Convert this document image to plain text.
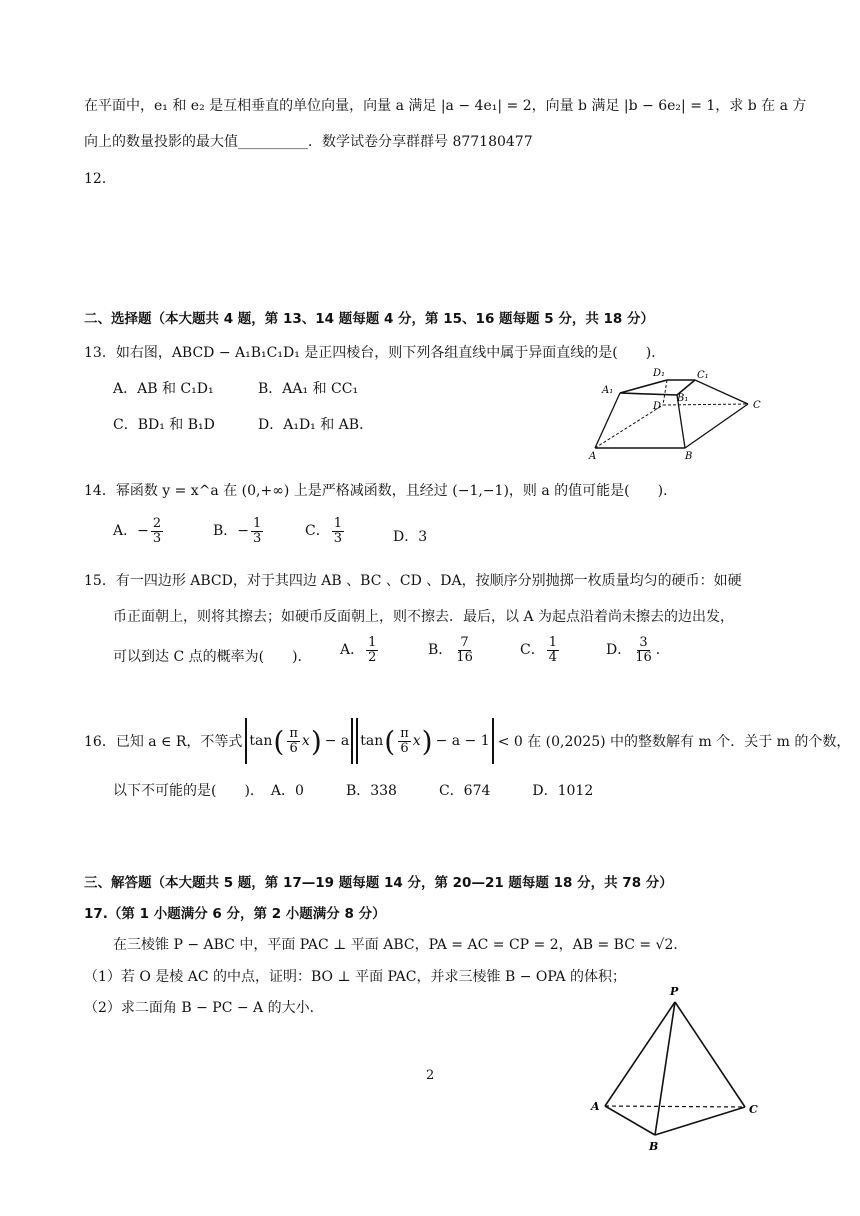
在平面中，e₁ 和 e₂ 是互相垂直的单位向量，向量 a 满足 |a − 4e₁| = 2，向量 b 满足 |b − 6e₂| = 1，求 b 在 a 方
向上的数量投影的最大值__________．数学试卷分享群群号 877180477
12．
二、选择题（本大题共 4 题，第 13、14 题每题 4 分，第 15、16 题每题 5 分，共 18 分）
13．如右图，ABCD − A₁B₁C₁D₁ 是正四棱台，则下列各组直线中属于异面直线的是(　　)．
A．AB 和 C₁D₁	B．AA₁ 和 CC₁
C．BD₁ 和 B₁D	D．A₁D₁ 和 AB．
D₁	C₁
A₁
B₁
D	C
A	B
14．幂函数 y = x^a 在 (0,+∞) 上是严格减函数，且经过 (−1,−1)，则 a 的值可能是(　　)．
A．− $\frac{2}{3}$	B．− $\frac{1}{3}$	C． $\frac{1}{3}$	D．3
15．有一四边形 ABCD，对于其四边 AB 、BC 、CD 、DA，按顺序分别抛掷一枚质量均匀的硬币：如硬
币正面朝上，则将其擦去；如硬币反面朝上，则不擦去．最后，以 A 为起点沿着尚未擦去的边出发，
可以到达 C 点的概率为(　　)． A． $\frac{1}{2}$	B． $\frac{7}{16}$	C． $\frac{1}{4}$	D． $\frac{3}{16}$ ．
16．已知 a ∈ R，不等式 tan ( $\frac{\pi}{6}$ x ) − a tan ( $\frac{\pi}{6}$ x ) − a − 1 < 0 在 (0,2025) 中的整数解有 m 个．关于 m 的个数，
以下不可能的是(　　)．　A．0　　　B．338　　　C．674　　　D．1012
三、解答题（本大题共 5 题，第 17—19 题每题 14 分，第 20—21 题每题 18 分，共 78 分）
17.（第 1 小题满分 6 分，第 2 小题满分 8 分）
在三棱锥 P − ABC 中，平面 PAC ⊥ 平面 ABC，PA = AC = CP = 2，AB = BC = √2．
（1）若 O 是棱 AC 的中点，证明：BO ⊥ 平面 PAC，并求三棱锥 B − OPA 的体积；
（2）求二面角 B − PC − A 的大小．
P
A	C
B
2
